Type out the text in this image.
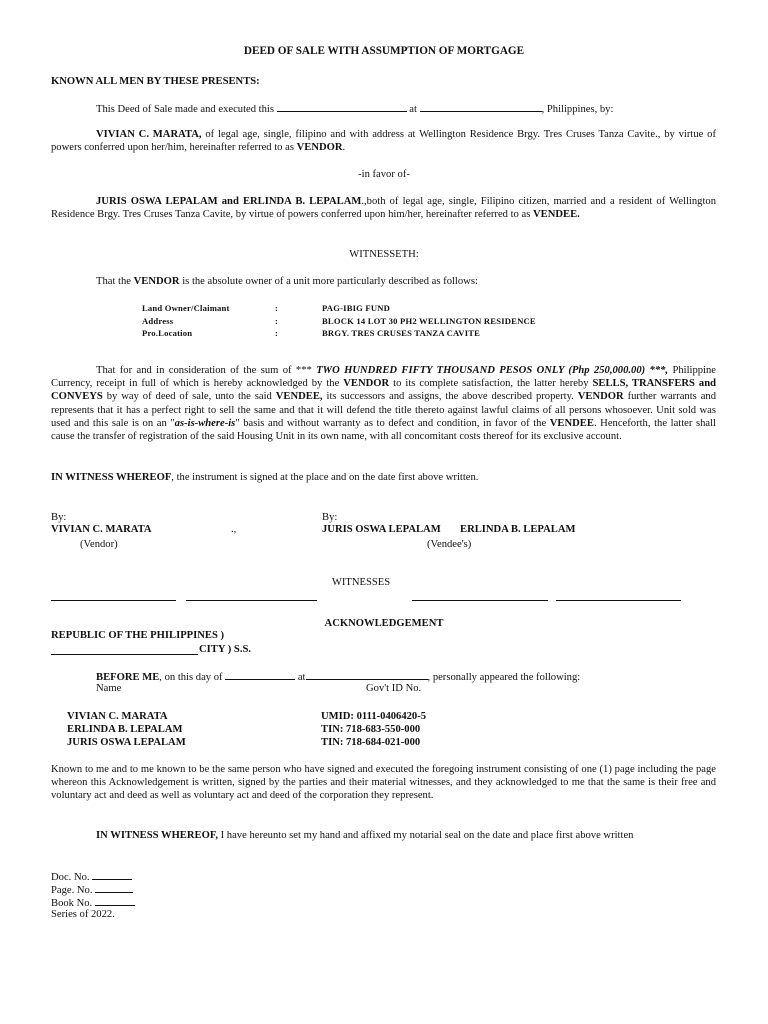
DEED OF SALE WITH ASSUMPTION OF MORTGAGE
KNOWN ALL MEN BY THESE PRESENTS:
This Deed of Sale made and executed this	at	, Philippines, by:
VIVIAN C. MARATA, of legal age, single, filipino and with address at Wellington Residence Brgy. Tres Cruses Tanza Cavite., by virtue of powers conferred upon her/him, hereinafter referred to as VENDOR.
-in favor of-
JURIS OSWA LEPALAM and ERLINDA B. LEPALAM.,both of legal age, single, Filipino citizen, married and a resident of Wellington Residence Brgy. Tres Cruses Tanza Cavite, by virtue of powers conferred upon him/her, hereinafter referred to as VENDEE.
WITNESSETH:
That the VENDOR is the absolute owner of a unit more particularly described as follows:
Land Owner/Claimant	:	PAG-IBIG FUND
Address	:	BLOCK 14 LOT 30 PH2 WELLINGTON RESIDENCE
Pro.Location	:	BRGY. TRES CRUSES TANZA CAVITE
That for and in consideration of the sum of *** TWO HUNDRED FIFTY THOUSAND PESOS ONLY (Php 250,000.00) ***, Philippine Currency, receipt in full of which is hereby acknowledged by the VENDOR to its complete satisfaction, the latter hereby SELLS, TRANSFERS and CONVEYS by way of deed of sale, unto the said VENDEE, its successors and assigns, the above described property. VENDOR further warrants and represents that it has a perfect right to sell the same and that it will defend the title thereto against lawful claims of all persons whosoever. Unit sold was used and this sale is on an "as-is-where-is" basis and without warranty as to defect and condition, in favor of the VENDEE. Henceforth, the latter shall cause the transfer of registration of the said Housing Unit in its own name, with all concomitant costs thereof for its exclusive account.
IN WITNESS WHEREOF, the instrument is signed at the place and on the date first above written.
By:
VIVIAN C. MARATA	.,
(Vendor)
By:
JURIS OSWA LEPALAM ERLINDA B. LEPALAM
(Vendee's)
WITNESSES
ACKNOWLEDGEMENT
REPUBLIC OF THE PHILIPPINES )
CITY ) S.S.
BEFORE ME, on this day of	at	, personally appeared the following:
Name	Gov't ID No.
VIVIAN C. MARATA	UMID: 0111-0406420-5
ERLINDA B. LEPALAM	TIN: 718-683-550-000
JURIS OSWA LEPALAM	TIN: 718-684-021-000
Known to me and to me known to be the same person who have signed and executed the foregoing instrument consisting of one (1) page including the page whereon this Acknowledgement is written, signed by the parties and their material witnesses, and they acknowledged to me that the same is their free and voluntary act and deed as well as voluntary act and deed of the corporation they represent.
IN WITNESS WHEREOF, I have hereunto set my hand and affixed my notarial seal on the date and place first above written
Doc. No.
Page. No.
Book No.
Series of 2022.
